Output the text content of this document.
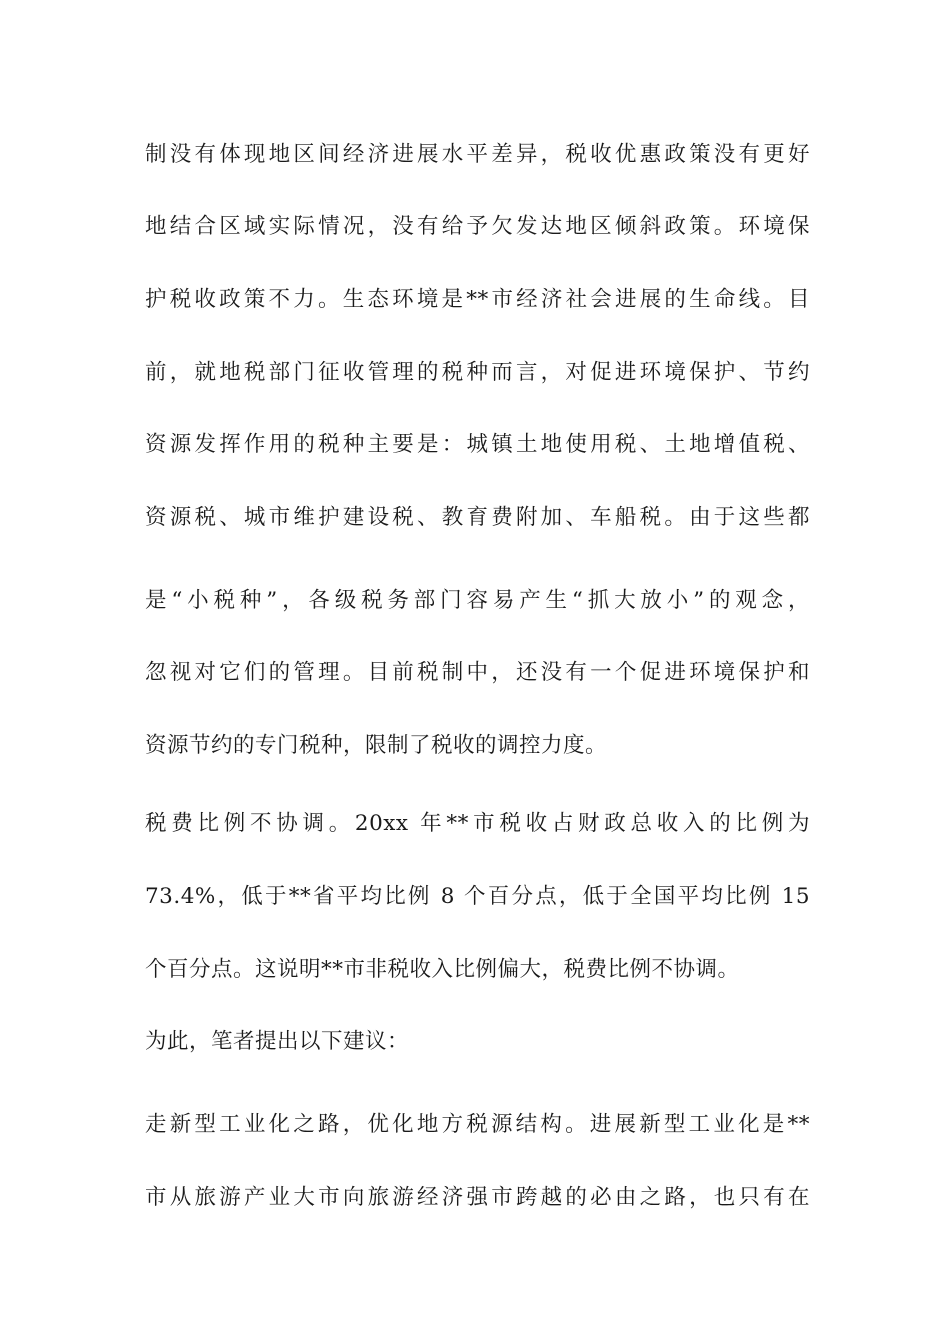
制没有体现地区间经济进展水平差异，税收优惠政策没有更好
地结合区域实际情况，没有给予欠发达地区倾斜政策。环境保
护税收政策不力。生态环境是**市经济社会进展的生命线。目
前，就地税部门征收管理的税种而言，对促进环境保护、节约
资源发挥作用的税种主要是：城镇土地使用税、土地增值税、
资源税、城市维护建设税、教育费附加、车船税。由于这些都
是“小税种”，各级税务部门容易产生“抓大放小”的观念，
忽视对它们的管理。目前税制中，还没有一个促进环境保护和
资源节约的专门税种，限制了税收的调控力度。
税费比例不协调。20xx 年**市税收占财政总收入的比例为
73.4%，低于**省平均比例 8 个百分点，低于全国平均比例 15
个百分点。这说明**市非税收入比例偏大，税费比例不协调。
为此，笔者提出以下建议：
走新型工业化之路，优化地方税源结构。进展新型工业化是**
市从旅游产业大市向旅游经济强市跨越的必由之路，也只有在
